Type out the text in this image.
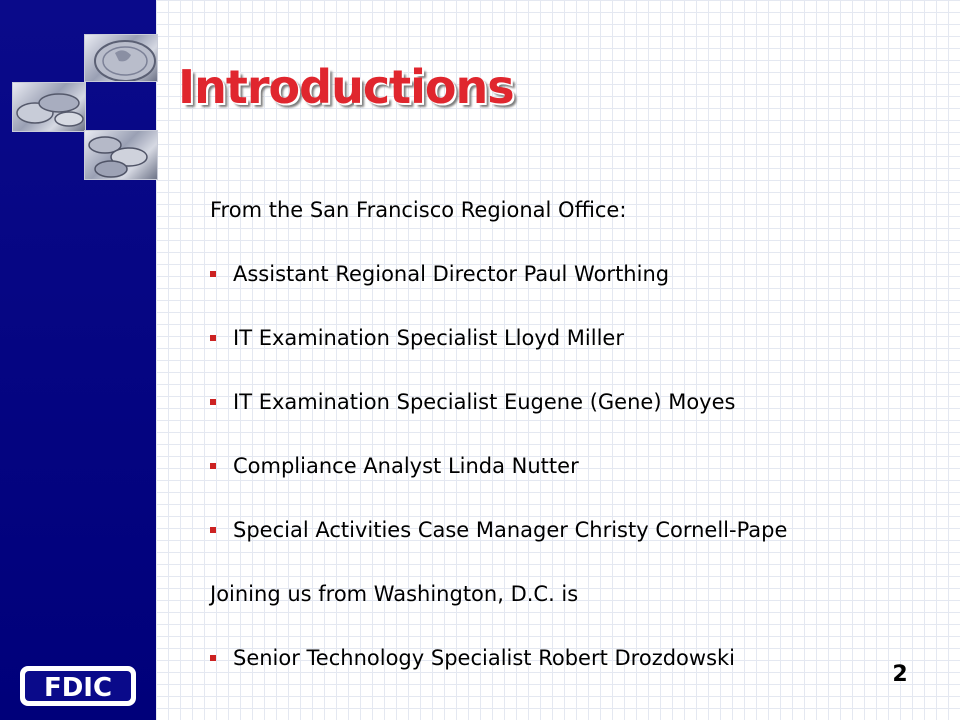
Introductions
From the San Francisco Regional Office:
Assistant Regional Director Paul Worthing
IT Examination Specialist Lloyd Miller
IT Examination Specialist Eugene (Gene) Moyes
Compliance Analyst Linda Nutter
Special Activities Case Manager Christy Cornell-Pape
Joining us from Washington, D.C. is
Senior Technology Specialist Robert Drozdowski
FDIC	2
